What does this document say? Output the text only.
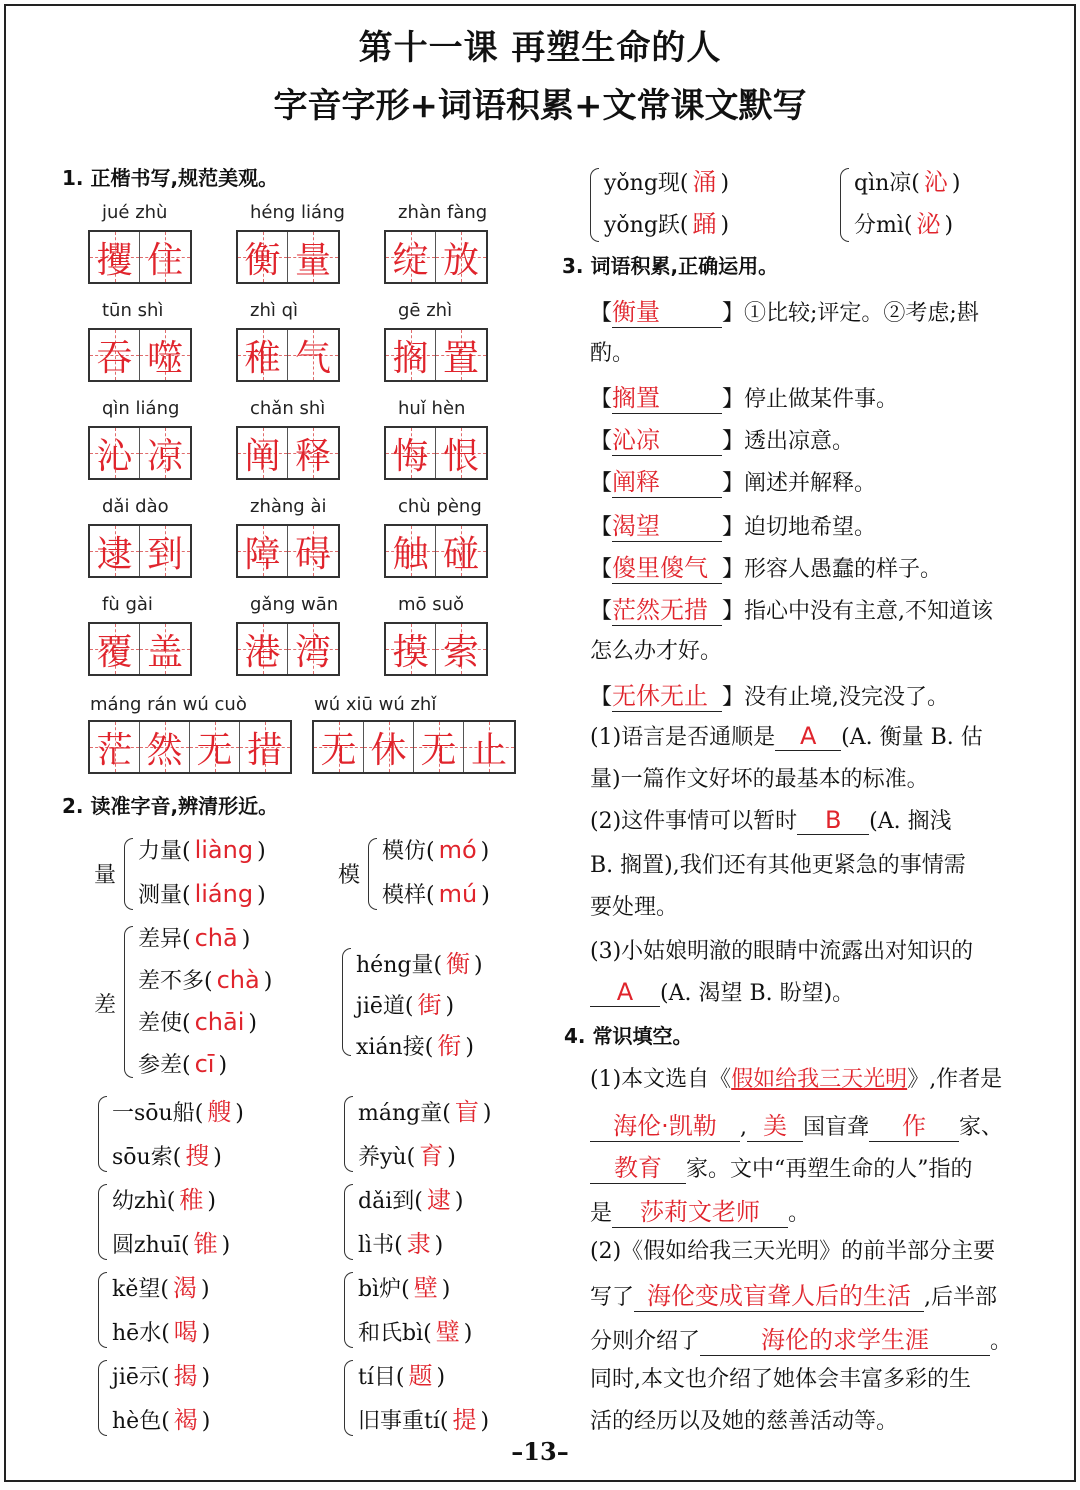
第十一课 再塑生命的人
字音字形+词语积累+文常课文默写
1. 正楷书写,规范美观。
2. 读准字音,辨清形近。
–13–
jué zhù
攫 住
héng liáng
衡 量
zhàn fàng
绽 放
tūn shì
吞 噬
zhì qì
稚 气
gē zhì
搁 置
qìn liáng
沁 凉
chǎn shì
阐 释
huǐ hèn
悔 恨
dǎi dào
逮 到
zhàng ài
障 碍
chù pèng
触 碰
fù gài
覆 盖
gǎng wān
港 湾
mō suǒ
摸 索
máng rán wú cuò
茫 然 无 措
wú xiū wú zhǐ
无 休 无 止
量
力量( liàng )
测量( liáng )
模
模仿( mó )
模样( mú )
差
差异( chā )
差不多( chà )
差使( chāi )
参差( cī )
héng量( 衡 )
jiē道( 街 )
xián接( 衔 )
一sōu船( 艘 )
sōu索( 搜 )
máng童( 盲 )
养yù( 育 )
幼zhì( 稚 )
圆zhuī( 锥 )
dǎi到( 逮 )
lì书( 隶 )
kě望( 渴 )
hē水( 喝 )
bì炉( 壁 )
和氏bì( 璧 )
jiē示( 揭 )
hè色( 褐 )
tí目( 题 )
旧事重tí( 提 )
yǒng现( 涌 )
yǒng跃( 踊 )
qìn凉( 沁 )
分mì( 泌 )
3. 词语积累,正确运用。
【衡量	】①比较;评定。②考虑;斟
【搁置	】停止做某件事。
【沁凉	】透出凉意。
【阐释	】阐述并解释。
【渴望	】迫切地希望。
【傻里傻气 】形容人愚蠢的样子。
【茫然无措 】指心中没有主意,不知道该
【无休无止 】没有止境,没完没了。
酌。
怎么办才好。
(1)语言是否通顺是 A (A. 衡量 B. 估
量)一篇作文好坏的最基本的标准。
(2)这件事情可以暂时 B (A. 搁浅
B. 搁置),我们还有其他更紧急的事情需
要处理。
(3)小姑娘明澈的眼睛中流露出对知识的
A (A. 渴望 B. 盼望)。
4. 常识填空。
(1)本文选自《假如给我三天光明》,作者是
海伦·凯勒 , 美 国盲聋 作 家、
教育 家。文中“再塑生命的人”指的
是 莎莉文老师 。
(2)《假如给我三天光明》的前半部分主要
写了 海伦变成盲聋人后的生活 ,后半部
分则介绍了	海伦的求学生涯	。
同时,本文也介绍了她体会丰富多彩的生
活的经历以及她的慈善活动等。
